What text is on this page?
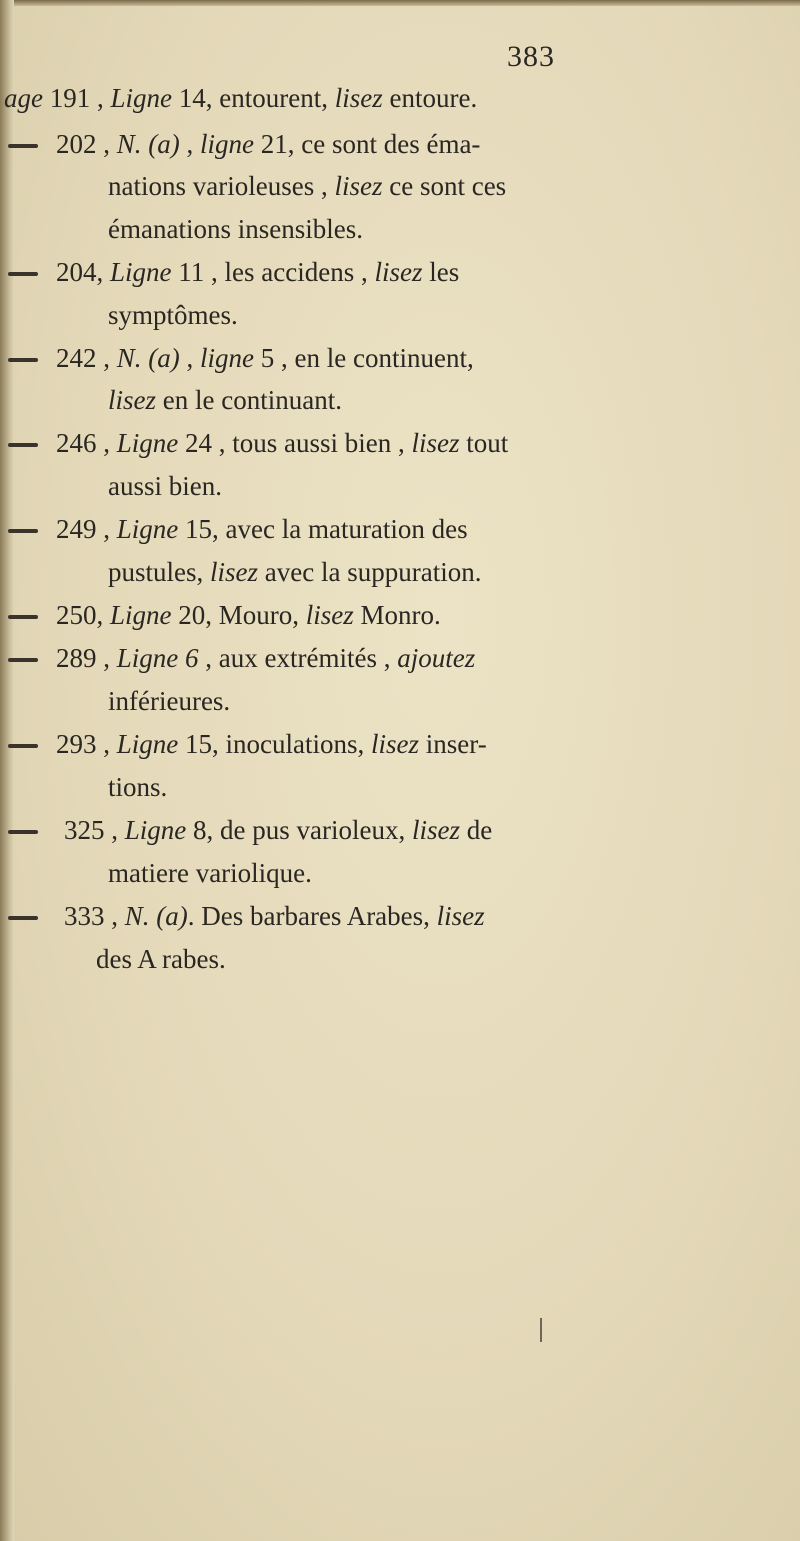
383
age 191 , Ligne 14, entourent, lisez entoure.
202 , N. (a) , ligne 21, ce sont des éma-
nations varioleuses , lisez ce sont ces
émanations insensibles.
204, Ligne 11 , les accidens , lisez les
symptômes.
242 , N. (a) , ligne 5 , en le continuent,
lisez en le continuant.
246 , Ligne 24 , tous aussi bien , lisez tout
aussi bien.
249 , Ligne 15, avec la maturation des
pustules, lisez avec la suppuration.
250, Ligne 20, Mouro, lisez Monro.
289 , Ligne 6 , aux extrémités , ajoutez
inférieures.
293 , Ligne 15, inoculations, lisez inser-
tions.
325 , Ligne 8, de pus varioleux, lisez de
matiere variolique.
333 , N. (a). Des barbares Arabes, lisez
des A rabes.
